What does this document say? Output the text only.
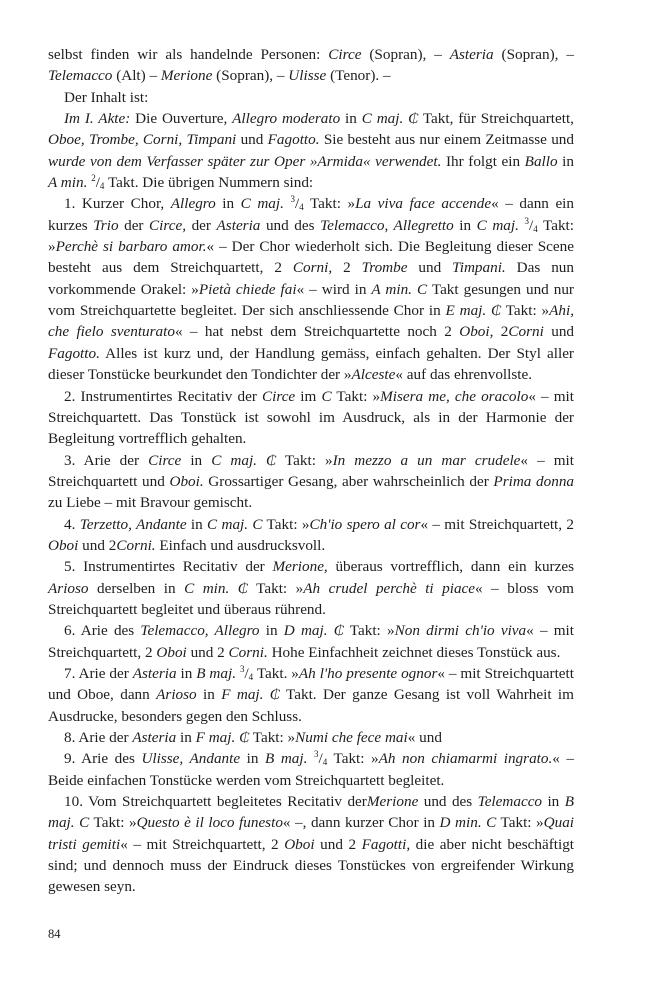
selbst finden wir als handelnde Personen: Circe (Sopran), – Asteria (Sopran), – Telemacco (Alt) – Merione (Sopran), – Ulisse (Tenor). –

Der Inhalt ist:

Im I. Akte: Die Ouverture, Allegro moderato in C maj. ₵ Takt, für Streichquartett, Oboe, Trombe, Corni, Timpani und Fagotto. Sie besteht aus nur einem Zeitmasse und wurde von dem Verfasser später zur Oper »Armida« verwendet. Ihr folgt ein Ballo in A min. $^2/_4$ Takt. Die übrigen Nummern sind:

1. Kurzer Chor, Allegro in C maj. $^3/_4$ Takt: »La viva face accende« – dann ein kurzes Trio der Circe, der Asteria und des Telemacco, Allegretto in C maj. $^3/_4$ Takt: »Perchè si barbaro amor.« – Der Chor wiederholt sich. Die Begleitung dieser Scene besteht aus dem Streichquartett, 2 Corni, 2 Trombe und Timpani. Das nun vorkommende Orakel: »Pietà chiede fai« – wird in A min. C Takt gesungen und nur vom Streichquartette begleitet. Der sich anschliessende Chor in E maj. ₵ Takt: »Ahi, che fielo sventurato« – hat nebst dem Streichquartette noch 2 Oboi, 2Corni und Fagotto. Alles ist kurz und, der Handlung gemäss, einfach gehalten. Der Styl aller dieser Tonstücke beurkundet den Tondichter der »Alceste« auf das ehrenvollste.

2. Instrumentirtes Recitativ der Circe im C Takt: »Misera me, che oracolo« – mit Streichquartett. Das Tonstück ist sowohl im Ausdruck, als in der Harmonie der Begleitung vortrefflich gehalten.

3. Arie der Circe in C maj. ₵ Takt: »In mezzo a un mar crudele« – mit Streichquartett und Oboi. Grossartiger Gesang, aber wahrscheinlich der Prima donna zu Liebe – mit Bravour gemischt.

4. Terzetto, Andante in C maj. C Takt: »Ch'io spero al cor« – mit Streichquartett, 2 Oboi und 2Corni. Einfach und ausdrucksvoll.

5. Instrumentirtes Recitativ der Merione, überaus vortrefflich, dann ein kurzes Arioso derselben in C min. ₵ Takt: »Ah crudel perchè ti piace« – bloss vom Streichquartett begleitet und überaus rührend.

6. Arie des Telemacco, Allegro in D maj. ₵ Takt: »Non dirmi ch'io viva« – mit Streichquartett, 2 Oboi und 2 Corni. Hohe Einfachheit zeichnet dieses Tonstück aus.

7. Arie der Asteria in B maj. $^3/_4$ Takt. »Ah l'ho presente ognor« – mit Streichquartett und Oboe, dann Arioso in F maj. ₵ Takt. Der ganze Gesang ist voll Wahrheit im Ausdrucke, besonders gegen den Schluss.

8. Arie der Asteria in F maj. ₵ Takt: »Numi che fece mai« und

9. Arie des Ulisse, Andante in B maj. $^3/_4$ Takt: »Ah non chiamarmi ingrato.« – Beide einfachen Tonstücke werden vom Streichquartett begleitet.

10. Vom Streichquartett begleitetes Recitativ derMerione und des Telemacco in B maj. C Takt: »Questo è il loco funesto« –, dann kurzer Chor in D min. C Takt: »Quai tristi gemiti« – mit Streichquartett, 2 Oboi und 2 Fagotti, die aber nicht beschäftigt sind; und dennoch muss der Eindruck dieses Tonstückes von ergreifender Wirkung gewesen seyn.

84
